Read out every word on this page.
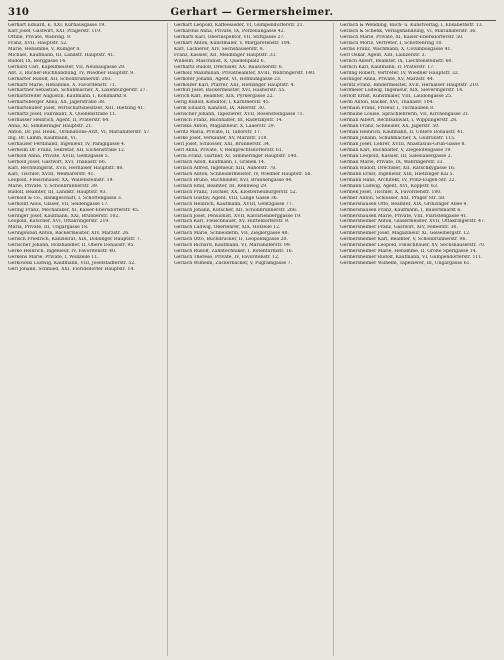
310	Gerhart — Germersheimer.
Gerhart Eduard, E. XXI, Kurhausgasse 19.
Karl Josef, Gastwirt, XXI, Pragerstr. 119.
Ottilie, Private, Währing. 9.
Franz, XVII, Hauptstr. 52.
Marie, Hebamme, V, Rüdiger 8.
Michael, Kaufmann, III, Landstr. Hauptstr. 41.
Rudolf, IX, Berggasse 14.
Gerhard Carl, Kapellmeister, VII, Neubaugasse 29.
Abt. 3, Bücher-Buchhandlung, IV, Wiedner Hauptstr. 9.
Gerharter Rudolf, XII, Schönbrunnerstr. 203.
Gerhartl Marie, Hebamme, X, Favoritenstr. 71.
Gerhartner Sebastian, Schuhmacher, X, Laxenburgerstr. 27.
Gerhartsreiter Augustin, Kaufmann, I, Kohlmarkt 8.
Gerhartsberger Anna, XX, Jägerstraße 38.
Gerhartshuber Josef, Wirtschaftsbesitzer, XIII, Hietzing 41.
Gerhartz Josef, Fabrikant, X, Quellenstraße 11.
Gerhasser Heinrich, Agent, II, Praterstr. 64.
Anna, XI, Simmeringer Hauptstr. 21.
Anton, Dr. pol. Heilk., Ordinations-Arzt, VI, Mariahilferstr. 57.
Ing. Dr. Lamm, Kaufmann, VI.
Gerhauser Ferdinand, Ingenieur, IV, Paniglgasse 4.
Gerheim Dr. Franz, Sekretär, XII, Eichenstraße 12.
Gerhold Anna, Private, XVIII, Gentzgasse 5.
Gerhold Josef, Gastwirt, XVI, Thaliastr. 66.
Karl, Rechnungsrat, XVII, Hernalser Hauptstr. 88.
Karl, Tischler, XVIII, Weimarerstr. 41.
Leopold, Fleischhauer, XX, Wallensteinstr. 19.
Marie, Private, V, Schönbrunnerstr. 39.
Rudolf, Beamter, III, Landstr. Hauptstr. 93.
Gerhold & Co., Bankgeschäft, I, Schottengasse 3.
Gerholdt Alois, Glaser, VII, Seidengasse 17.
Gering Franz, Mechaniker, XI, Kaiser-Ebersdorferstr. 45.
Geringer Josef, Kaufmann, XXI, Brünnerstr. 102.
Leopold, Kutscher, XVI, Ottakringerstr. 219.
Maria, Private, III, Ungargasse 18.
Geringswald Anton, Bäckermeister, XIV, Märzstr. 26.
Gerisch Friedrich, Kanzleirat, XIX, Döblinger Hauptstr. 7.
Gerischer Johann, Holzhändler, II, Obere Donaustr. 95.
Gerke Heinrich, Ingenieur, IV, Favoritenstr. 40.
Gerkens Marie, Private, I, Wollzeile 11.
Gerkowski Ludwig, Kaufmann, VIII, Josefstädterstr. 52.
Gerl Johann, Schmied, XXI, Floridsdorfer Hauptstr. 14.
Gerhart Leopold, Kaffeesieder, VI, Gumpendorferstr. 21.
Gerhardus Anna, Private, IX, Porzellangasse 42.
Gerhartl Karl, Oberinspektor, VII, Stiftgasse 27.
Gerhart Anton, Kunstmaler, V, Margaretenstr. 104.
Karl, Lackierer, XIV, Sechshauserstr. 8.
Franz, Kassier, XII, Meidlinger Hauptstr. 33.
Wilhelm, Maschinist, X, Quellenplatz 6.
Gerhartz Rudolf, Drechsler, XX, Rauscherstr. 6.
Gerholz Maximilian, Privatbeamter, XVIII, Währingerstr. 140.
Gerhofer Johann, Agent, VI, Hofmühlgasse 23.
Gerholzer Karl, Pfarrer, XIII, Hietzinger Hauptstr. 4.
Gerhut Josef, Bäckermeister, XVI, Hasnerstr. 55.
Gerich Karl, Beamter, XIX, Pyrkergasse 22.
Gerig Rudolf, Konditor, I, Kärntnerstr. 45.
Gerik Eduard, Kanzlist, IX, Alserstr. 30.
Gerischer Johann, Tapezierer, XVII, Rosensteingasse 71.
Gerisch Franz, Buchhalter, III, Radetzkystr. 14.
Geriska Anton, Magazineur, X, Laaerstr. 29.
Geritz Maria, Private, II, Taborstr. 17.
Gerke Josef, Verkäufer, XV, Märzstr. 118.
Gerl Josef, Schlosser, XXI, Brünnerstr. 34.
Gerl Anna, Private, V, Reinprechtsdorferstr. 61.
Gerla Franz, Gärtner, XI, Simmeringer Hauptstr. 140.
Gerlach Adolf, Kaufmann, I, Graben 14.
Gerlach Alfred, Ingenieur, XIII, Auhofstr. 78.
Gerlach Anton, Schneidermeister, IV, Wiedner Hauptstr. 56.
Gerlach Bruno, Buchbinder, XVI, Brunnengasse 44.
Gerlach Emil, Beamter, III, Rennweg 29.
Gerlach Franz, Tischler, XX, Klosterneuburgerstr. 52.
Gerlach Gustav, Agent, VIII, Lange Gasse 36.
Gerlach Heinrich, Kaufmann, XVIII, Gentzgasse 77.
Gerlach Johann, Kutscher, XII, Schönbrunnerstr. 266.
Gerlach Josef, Pensionist, XVII, Kalvarienberggasse 19.
Gerlach Karl, Fleischhauer, XV, Hütteldorferstr. 9.
Gerlach Ludwig, Oberlehrer, XIX, Hofzeile 12.
Gerlach Marie, Schneiderin, VII, Zieglergasse 48.
Gerlach Otto, Buchdrucker, II, Leopoldsgasse 20.
Gerlach Richard, Kaufmann, VI, Mariahilferstr. 99.
Gerlach Rudolf, Zahntechniker, I, Rotenturmstr. 16.
Gerlach Therese, Private, IV, Favoritenstr. 12.
Gerlach Wilhelm, Zuckerbäcker, V, Pilgramgasse 7.
Gerlach & Wendling, Buch- u. Kunstverlag, I, Elisabethstr. 13.
Gerlach & Schenk, Verlagshandlung, VI, Mariahilferstr. 36.
Gerlach Marie, Private, XI, Kaiser-Ebersdorferstr. 50.
Gerlach Moriz, Vertreter, I, Schottenring 10.
Gerlas Franz, Wachmann, X, Columbusgasse 41.
Gerl Oskar, Agent, XIII, Lainzerstr. 3.
Gerlich Albert, Beamter, IX, Liechtensteinstr. 60.
Gerlich Karl, Kaufmann, II, Praterstr. 17.
Gerling Robert, Vertreter, IV, Wiedner Hauptstr. 32.
Gerlinger Anna, Private, XV, Märzstr. 44.
Gerlitz Franz, Bindermeister, XVII, Hernalser Hauptstr. 210.
Gerlmeier Ludwig, Ingenieur, XIX, Sieveringerstr. 14.
Gerloff Ernst, Kunstmaler, VIII, Laudongasse 25.
Germ Anton, Bäcker, XVI, Thaliastr. 104.
Germain Franz, Friseur, I, Tuchlauben 8.
Germaine Louise, Sprachlehrerin, VII, Kirchengasse 31.
German Albert, Rechtsanwalt, I, Wipplingerstr. 28.
German Franz, Schneider, XX, Jägerstr. 50.
German Heinrich, Kaufmann, II, Untere Donaustr. 41.
German Johann, Schuhmacher, X, Gudrunstr. 115.
German Josef, Lehrer, XVIII, Anastasius-Grün-Gasse 8.
German Karl, Buchhalter, V, Ziegelofengasse 19.
German Leopold, Kassier, III, Salesianergasse 2.
German Marie, Private, IX, Währingerstr. 33.
German Rudolf, Drechsler, XII, Ratschkygasse 16.
Germann Ernst, Ingenieur, XIII, Hietzinger Kai 5.
Germann Hans, Architekt, IV, Prinz-Eugen-Str. 22.
Germann Ludwig, Agent, XVI, Koppstr. 63.
Germek Josef, Tischler, X, Favoritenstr. 180.
Germer Anton, Schlosser, XXI, Prager Str. 58.
Germershausen Otto, Beamter, XIX, Grinzinger Allee 9.
Germershausen Franz, Kaufmann, I, Bauernmarkt 6.
Germershausen Marie, Private, VIII, Piaristengasse 41.
Germersheimer Anton, Glasermeister, XVII, Ottakringerstr. 47.
Germersheimer Franz, Gastwirt, XIV, Felberstr. 30.
Germersheimer Josef, Magazineur, XI, Geiselbergstr. 12.
Germersheimer Karl, Beamter, V, Schönbrunnerstr. 96.
Germersheimer Leopold, Fleischhauer, XV, Sechshauserstr. 70.
Germersheimer Marie, Hebamme, II, Große Sperlgasse 14.
Germersheimer Rudolf, Kaufmann, VI, Gumpendorferstr. 111.
Germersheimer Wilhelm, Tapezierer, III, Ungargasse 61.
